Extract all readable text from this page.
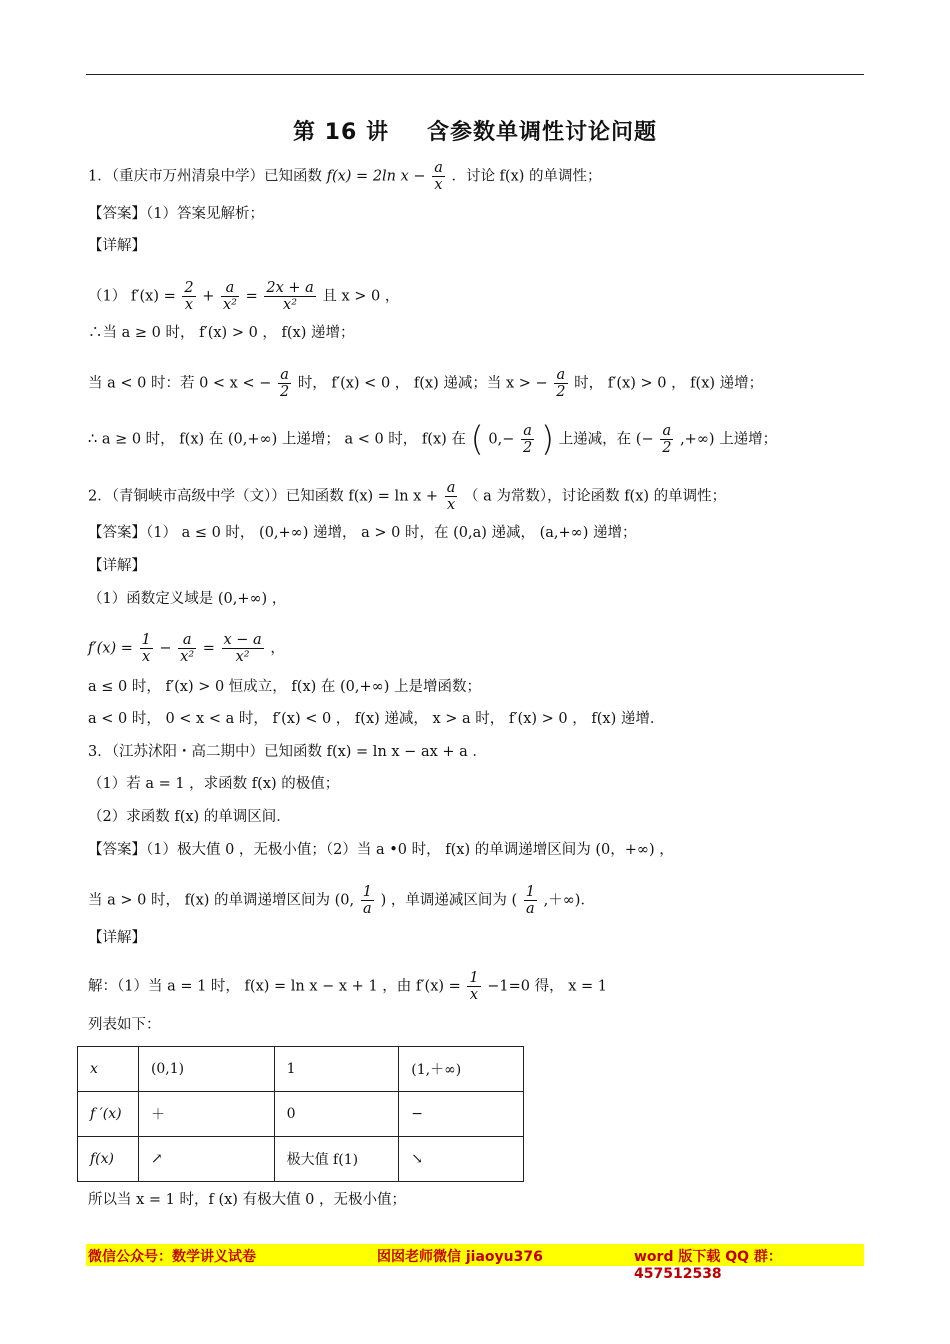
第 16 讲 含参数单调性讨论问题
1．（重庆市万州清泉中学）已知函数 f(x) = 2ln $x - \frac{a}{x}$ ．讨论 f(x) 的单调性；
【答案】（1）答案见解析；
【详解】
（1） $f'(x) = \frac{2}{x} + \frac{a}{\text{x²}} = \frac{2x + a}{\text{x²}}$ 且 x > 0 ，
∴当 a ≥ 0 时， f′(x) > 0 ， f(x) 递增；
当 a < 0 时：若 0 < x < − $\frac{a}{2}$ 时， f′(x) < 0 ， f(x) 递减；当 x > − $\frac{a}{2}$ 时， f′(x) > 0 ， f(x) 递增；
∴ a ≥ 0 时， f(x) 在 (0,+∞) 上递增； a < 0 时， f(x) 在 ( $0,- \frac{a}{2}$ ) 上递减，在 (− $\frac{a}{2}$ ,+∞) 上递增；
2．（青铜峡市高级中学（文））已知函数 $f(x) = \ln x + \frac{a}{x}$ （ a 为常数），讨论函数 f(x) 的单调性；
【答案】（1） a ≤ 0 时， (0,+∞) 递增， a > 0 时，在 (0,a) 递减， (a,+∞) 递增；
【详解】
（1）函数定义域是 (0,+∞) ，
$f'(x) = \frac{1}{x} - \frac{a}{\text{x²}} = \frac{x - a}{\text{x²}}$ ，
a ≤ 0 时， f′(x) > 0 恒成立， f(x) 在 (0,+∞) 上是增函数；
a < 0 时， 0 < x < a 时， f′(x) < 0 ， f(x) 递减， x > a 时， f′(x) > 0 ， f(x) 递增．
3．（江苏沭阳・高二期中）已知函数 f(x) = ln x − ax + a ．
（1）若 a = 1 ，求函数 f(x) 的极值；
（2）求函数 f(x) 的单调区间．
【答案】（1）极大值 0 ，无极小值；（2）当 a •0 时， f(x) 的单调递增区间为 (0，+∞) ，
当 a > 0 时， f(x) 的单调递增区间为 (0, $\frac{1}{a}$ ) ，单调递减区间为 ( $\frac{1}{a}$ ,＋∞)．
【详解】
解：（1）当 a = 1 时， f(x) = ln x − x + 1 ，由 $f'(x) = \frac{1}{x} -1=0$ 得， x = 1
列表如下：
x	(0,1)	1	(1,＋∞)
f ′(x)	＋	0	−
f(x)	↗	极大值 f(1)	↘
所以当 x = 1 时，f (x) 有极大值 0 ，无极小值；
微信公众号：数学讲义试卷	囡囡老师微信 jiaoyu376	word 版下载 QQ 群：457512538
